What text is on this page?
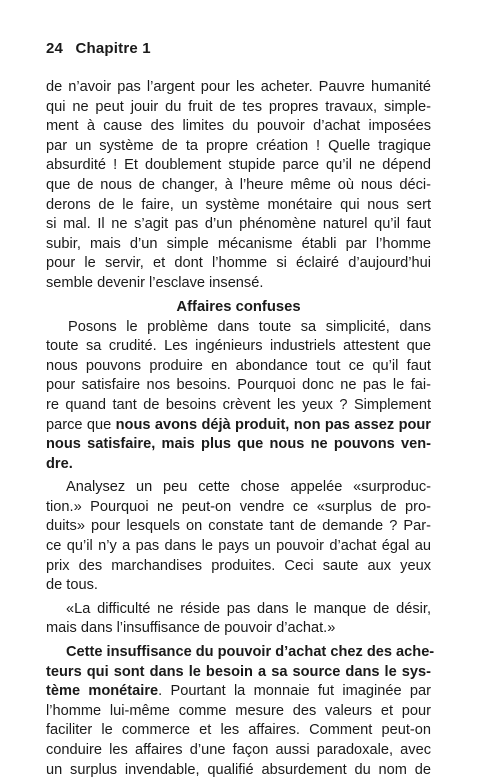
24 Chapitre 1
de n’avoir pas l’argent pour les acheter. Pauvre humanité
qui ne peut jouir du fruit de tes propres travaux, simple-
ment à cause des limites du pouvoir d’achat imposées
par un système de ta propre création ! Quelle tragique
absurdité ! Et doublement stupide parce qu’il ne dépend
que de nous de changer, à l’heure même où nous déci-
derons de le faire, un système monétaire qui nous sert
si mal. Il ne s’agit pas d’un phénomène naturel qu’il faut
subir, mais d’un simple mécanisme établi par l’homme
pour le servir, et dont l’homme si éclairé d’aujourd’hui
semble devenir l’esclave insensé.
Affaires confuses
Posons le problème dans toute sa simplicité, dans
toute sa crudité. Les ingénieurs industriels attestent que
nous pouvons produire en abondance tout ce qu’il faut
pour satisfaire nos besoins. Pourquoi donc ne pas le fai-
re quand tant de besoins crèvent les yeux ? Simplement
parce que nous avons déjà produit, non pas assez pour
nous satisfaire, mais plus que nous ne pouvons ven-
dre.
Analysez un peu cette chose appelée «surproduc-
tion.» Pourquoi ne peut-on vendre ce «surplus de pro-
duits» pour lesquels on constate tant de demande ? Par-
ce qu’il n’y a pas dans le pays un pouvoir d’achat égal au
prix des marchandises produites. Ceci saute aux yeux
de tous.
«La difficulté ne réside pas dans le manque de désir,
mais dans l’insuffisance de pouvoir d’achat.»
Cette insuffisance du pouvoir d’achat chez des ache-
teurs qui sont dans le besoin a sa source dans le sys-
tème monétaire. Pourtant la monnaie fut imaginée par
l’homme lui-même comme mesure des valeurs et pour
faciliter le commerce et les affaires. Comment peut-on
conduire les affaires d’une façon aussi paradoxale, avec
un surplus invendable, qualifié absurdement du nom de
